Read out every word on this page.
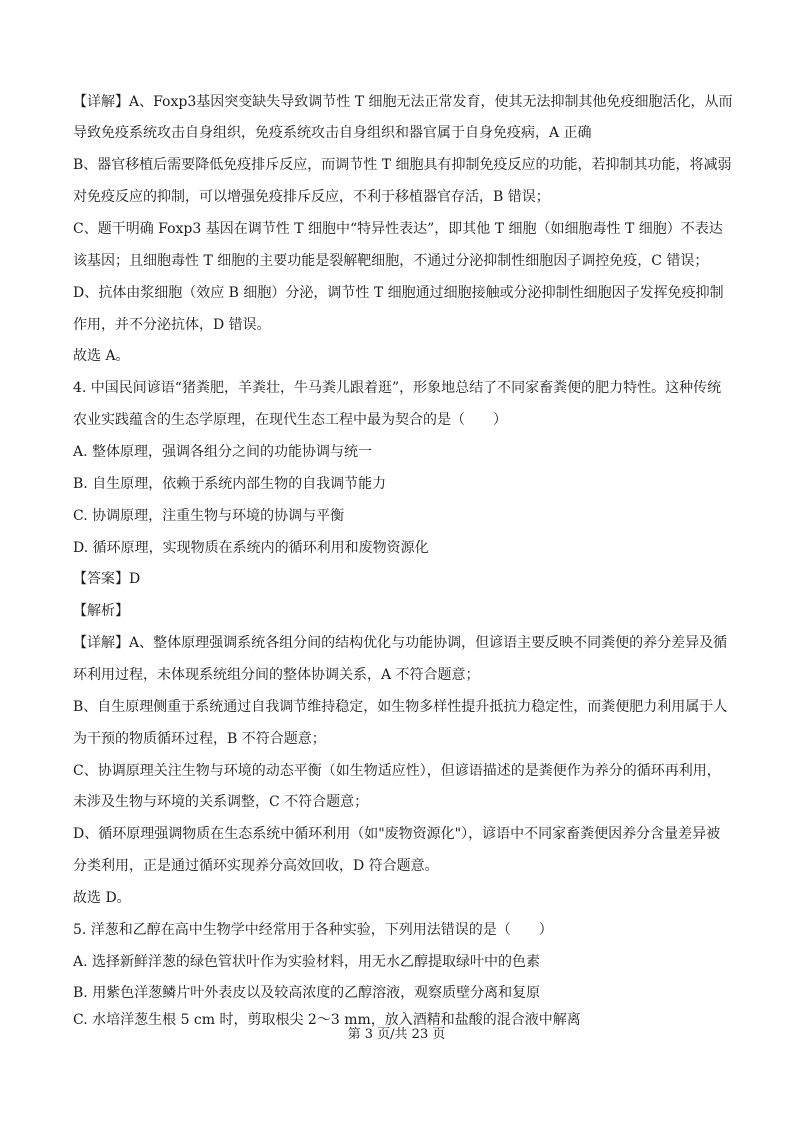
【详解】A、Foxp3基因突变缺失导致调节性 T 细胞无法正常发育，使其无法抑制其他免疫细胞活化，从而
导致免疫系统攻击自身组织，免疫系统攻击自身组织和器官属于自身免疫病，A 正确
B、器官移植后需要降低免疫排斥反应，而调节性 T 细胞具有抑制免疫反应的功能，若抑制其功能，将减弱
对免疫反应的抑制，可以增强免疫排斥反应，不利于移植器官存活，B 错误；
C、题干明确 Foxp3 基因在调节性 T 细胞中“特异性表达”，即其他 T 细胞（如细胞毒性 T 细胞）不表达
该基因；且细胞毒性 T 细胞的主要功能是裂解靶细胞，不通过分泌抑制性细胞因子调控免疫，C 错误；
D、抗体由浆细胞（效应 B 细胞）分泌，调节性 T 细胞通过细胞接触或分泌抑制性细胞因子发挥免疫抑制
作用，并不分泌抗体，D 错误。
故选 A。
4. 中国民间谚语“猪粪肥，羊粪壮，牛马粪儿跟着逛”，形象地总结了不同家畜粪便的肥力特性。这种传统
农业实践蕴含的生态学原理，在现代生态工程中最为契合的是（　　）
A. 整体原理，强调各组分之间的功能协调与统一
B. 自生原理，依赖于系统内部生物的自我调节能力
C. 协调原理，注重生物与环境的协调与平衡
D. 循环原理，实现物质在系统内的循环利用和废物资源化
【答案】D
【解析】
【详解】A、整体原理强调系统各组分间的结构优化与功能协调，但谚语主要反映不同粪便的养分差异及循
环利用过程，未体现系统组分间的整体协调关系，A 不符合题意；
B、自生原理侧重于系统通过自我调节维持稳定，如生物多样性提升抵抗力稳定性，而粪便肥力利用属于人
为干预的物质循环过程，B 不符合题意；
C、协调原理关注生物与环境的动态平衡（如生物适应性），但谚语描述的是粪便作为养分的循环再利用，
未涉及生物与环境的关系调整，C 不符合题意；
D、循环原理强调物质在生态系统中循环利用（如"废物资源化"），谚语中不同家畜粪便因养分含量差异被
分类利用，正是通过循环实现养分高效回收，D 符合题意。
故选 D。
5. 洋葱和乙醇在高中生物学中经常用于各种实验，下列用法错误的是（　　）
A. 选择新鲜洋葱的绿色管状叶作为实验材料，用无水乙醇提取绿叶中的色素
B. 用紫色洋葱鳞片叶外表皮以及较高浓度的乙醇溶液，观察质壁分离和复原
C. 水培洋葱生根 5 cm 时，剪取根尖 2～3 mm，放入酒精和盐酸的混合液中解离
第 3 页/共 23 页
